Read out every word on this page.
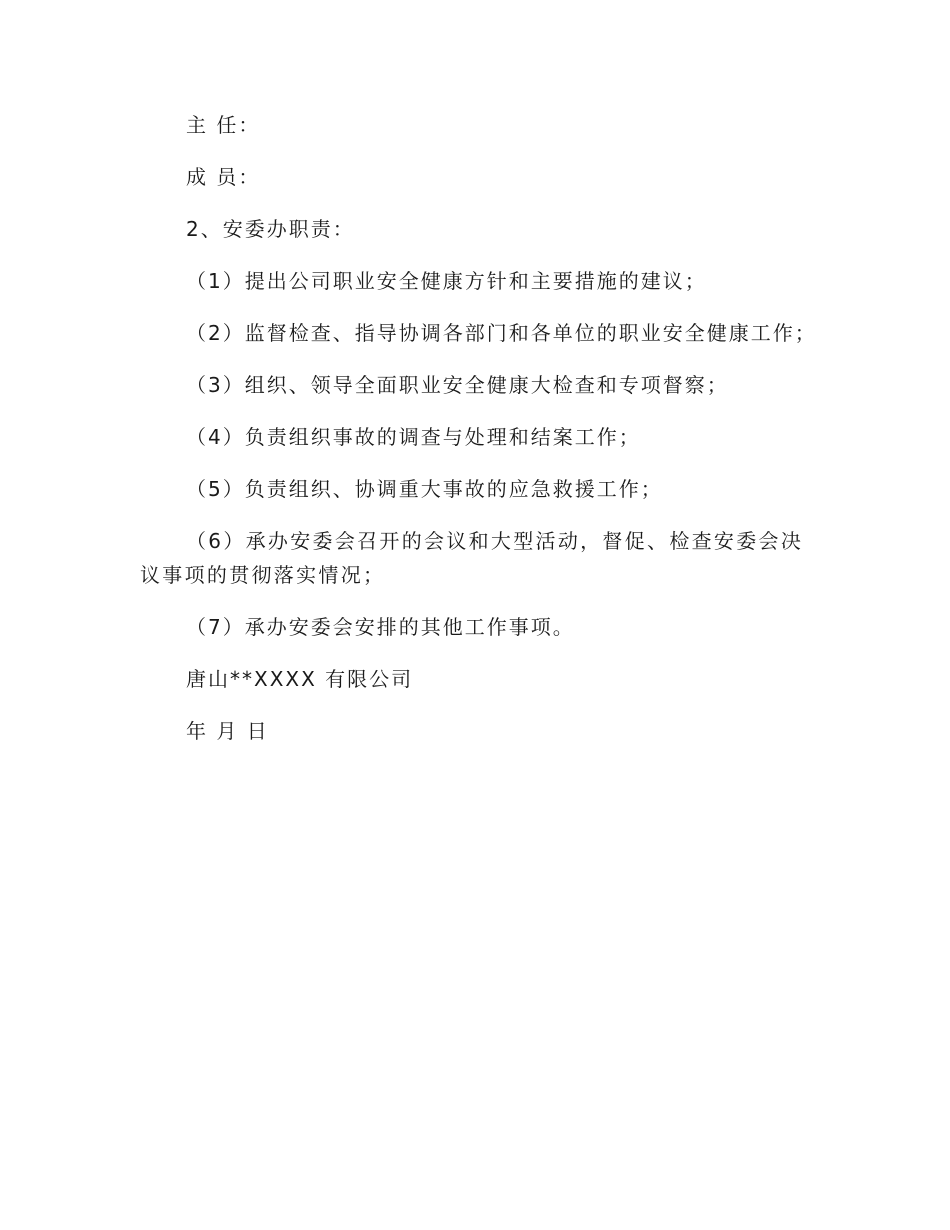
主 任：

成 员：

2、安委办职责：

（1）提出公司职业安全健康方针和主要措施的建议；

（2）监督检查、指导协调各部门和各单位的职业安全健康工作；

（3）组织、领导全面职业安全健康大检查和专项督察；

（4）负责组织事故的调查与处理和结案工作；

（5）负责组织、协调重大事故的应急救援工作；

（6）承办安委会召开的会议和大型活动，督促、检查安委会决议事项的贯彻落实情况；

（7）承办安委会安排的其他工作事项。

唐山**XXXX 有限公司

年 月 日
